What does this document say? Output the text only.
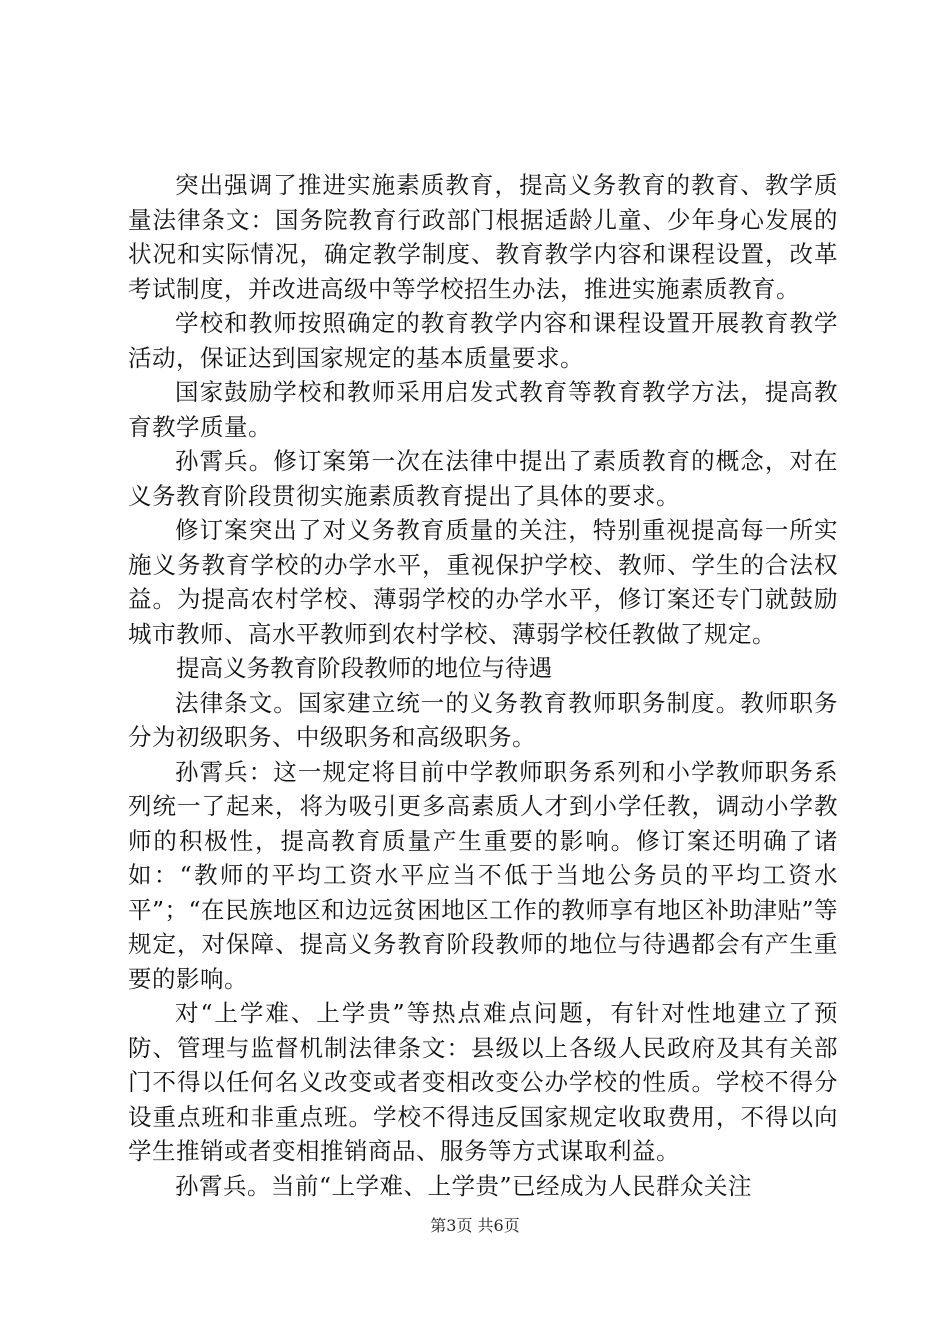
突出强调了推进实施素质教育，提高义务教育的教育、教学质量法律条文：国务院教育行政部门根据适龄儿童、少年身心发展的状况和实际情况，确定教学制度、教育教学内容和课程设置，改革考试制度，并改进高级中等学校招生办法，推进实施素质教育。

学校和教师按照确定的教育教学内容和课程设置开展教育教学活动，保证达到国家规定的基本质量要求。

国家鼓励学校和教师采用启发式教育等教育教学方法，提高教育教学质量。

孙霄兵。修订案第一次在法律中提出了素质教育的概念，对在义务教育阶段贯彻实施素质教育提出了具体的要求。

修订案突出了对义务教育质量的关注，特别重视提高每一所实施义务教育学校的办学水平，重视保护学校、教师、学生的合法权益。为提高农村学校、薄弱学校的办学水平，修订案还专门就鼓励城市教师、高水平教师到农村学校、薄弱学校任教做了规定。

提高义务教育阶段教师的地位与待遇

法律条文。国家建立统一的义务教育教师职务制度。教师职务分为初级职务、中级职务和高级职务。

孙霄兵：这一规定将目前中学教师职务系列和小学教师职务系列统一了起来，将为吸引更多高素质人才到小学任教，调动小学教师的积极性，提高教育质量产生重要的影响。修订案还明确了诸如：“教师的平均工资水平应当不低于当地公务员的平均工资水平”；“在民族地区和边远贫困地区工作的教师享有地区补助津贴”等规定，对保障、提高义务教育阶段教师的地位与待遇都会有产生重要的影响。

对“上学难、上学贵”等热点难点问题，有针对性地建立了预防、管理与监督机制法律条文：县级以上各级人民政府及其有关部门不得以任何名义改变或者变相改变公办学校的性质。学校不得分设重点班和非重点班。学校不得违反国家规定收取费用，不得以向学生推销或者变相推销商品、服务等方式谋取利益。

孙霄兵。当前“上学难、上学贵”已经成为人民群众关注

第3页 共6页
